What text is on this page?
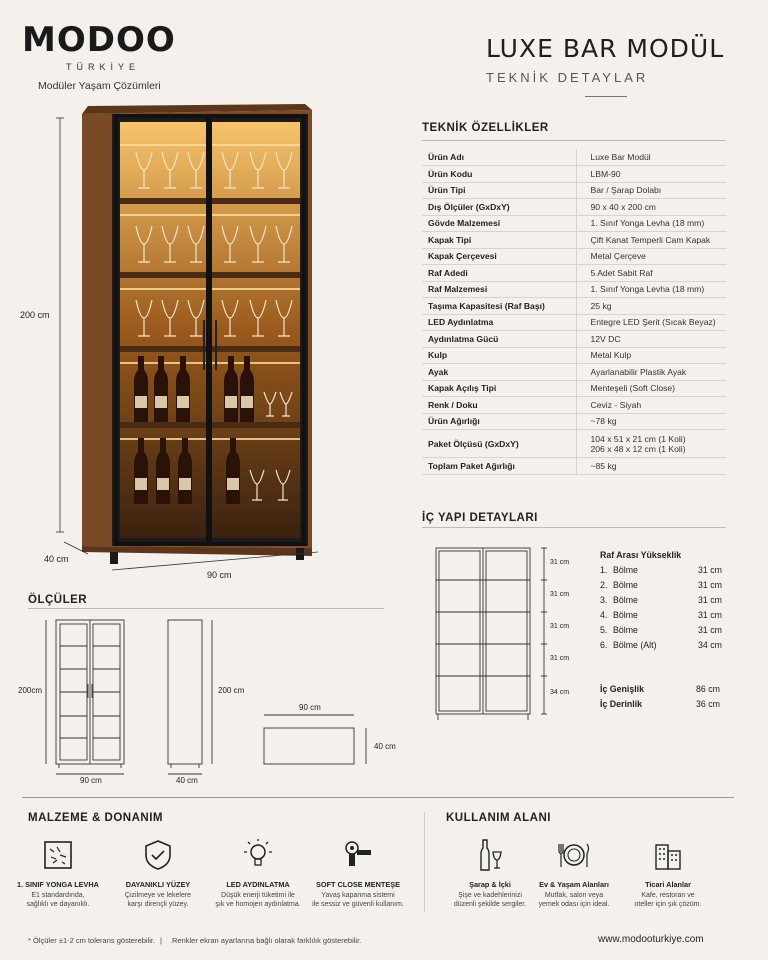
MODOO
TÜRKİYE
Modüler Yaşam Çözümleri
LUXE BAR MODÜL
TEKNİK DETAYLAR
200 cm
40 cm
90 cm
TEKNİK ÖZELLİKLER
Ürün Adı	Luxe Bar Modül
Ürün Kodu	LBM-90
Ürün Tipi	Bar / Şarap Dolabı
Dış Ölçüler (GxDxY)	90 x 40 x 200 cm
Gövde Malzemesi	1. Sınıf Yonga Levha (18 mm)
Kapak Tipi	Çift Kanat Temperli Cam Kapak
Kapak Çerçevesi	Metal Çerçeve
Raf Adedi	5 Adet Sabit Raf
Raf Malzemesi	1. Sınıf Yonga Levha (18 mm)
Taşıma Kapasitesi (Raf Başı)	25 kg
LED Aydınlatma	Entegre LED Şerit (Sıcak Beyaz)
Aydınlatma Gücü	12V DC
Kulp	Metal Kulp
Ayak	Ayarlanabilir Plastik Ayak
Kapak Açılış Tipi	Menteşeli (Soft Close)
Renk / Doku	Ceviz - Siyah
Ürün Ağırlığı	~78 kg
Paket Ölçüsü (GxDxY)	104 x 51 x 21 cm (1 Koli)
206 x 48 x 12 cm (1 Koli)

Toplam Paket Ağırlığı	~85 kg
ÖLÇÜLER
200cm
90 cm
200 cm
40 cm
90 cm
40 cm
İÇ YAPI DETAYLARI
31 cm
31 cm
31 cm
31 cm
34 cm
Raf Arası Yükseklik
1. Bölme	31 cm
2. Bölme	31 cm
3. Bölme	31 cm
4. Bölme	31 cm
5. Bölme	31 cm
6. Bölme (Alt)	34 cm
İç Genişlik	86 cm
İç Derinlik	36 cm
MALZEME & DONANIM
1. SINIF YONGA LEVHA
E1 standardında,
sağlıklı ve dayanıklı.
DAYANIKLI YÜZEY
Çizilmeye ve lekelere
karşı dirençli yüzey.
LED AYDINLATMA
Düşük enerji tüketimi ile
şık ve homojen aydınlatma.
SOFT CLOSE MENTEŞE
Yavaş kapanma sistemi
ile sessiz ve güvenli kullanım.
KULLANIM ALANI
Şarap & İçki
Şişe ve kadehlerinizi
düzenli şekilde sergiler.
Ev & Yaşam Alanları
Mutfak, salon veya
yemek odası için ideal.
Ticari Alanlar
Kafe, restoran ve
oteller için şık çözüm.
* Ölçüler ±1-2 cm tolerans gösterebilir. | Renkler ekran ayarlarına bağlı olarak farklılık gösterebilir.	www.modooturkiye.com
